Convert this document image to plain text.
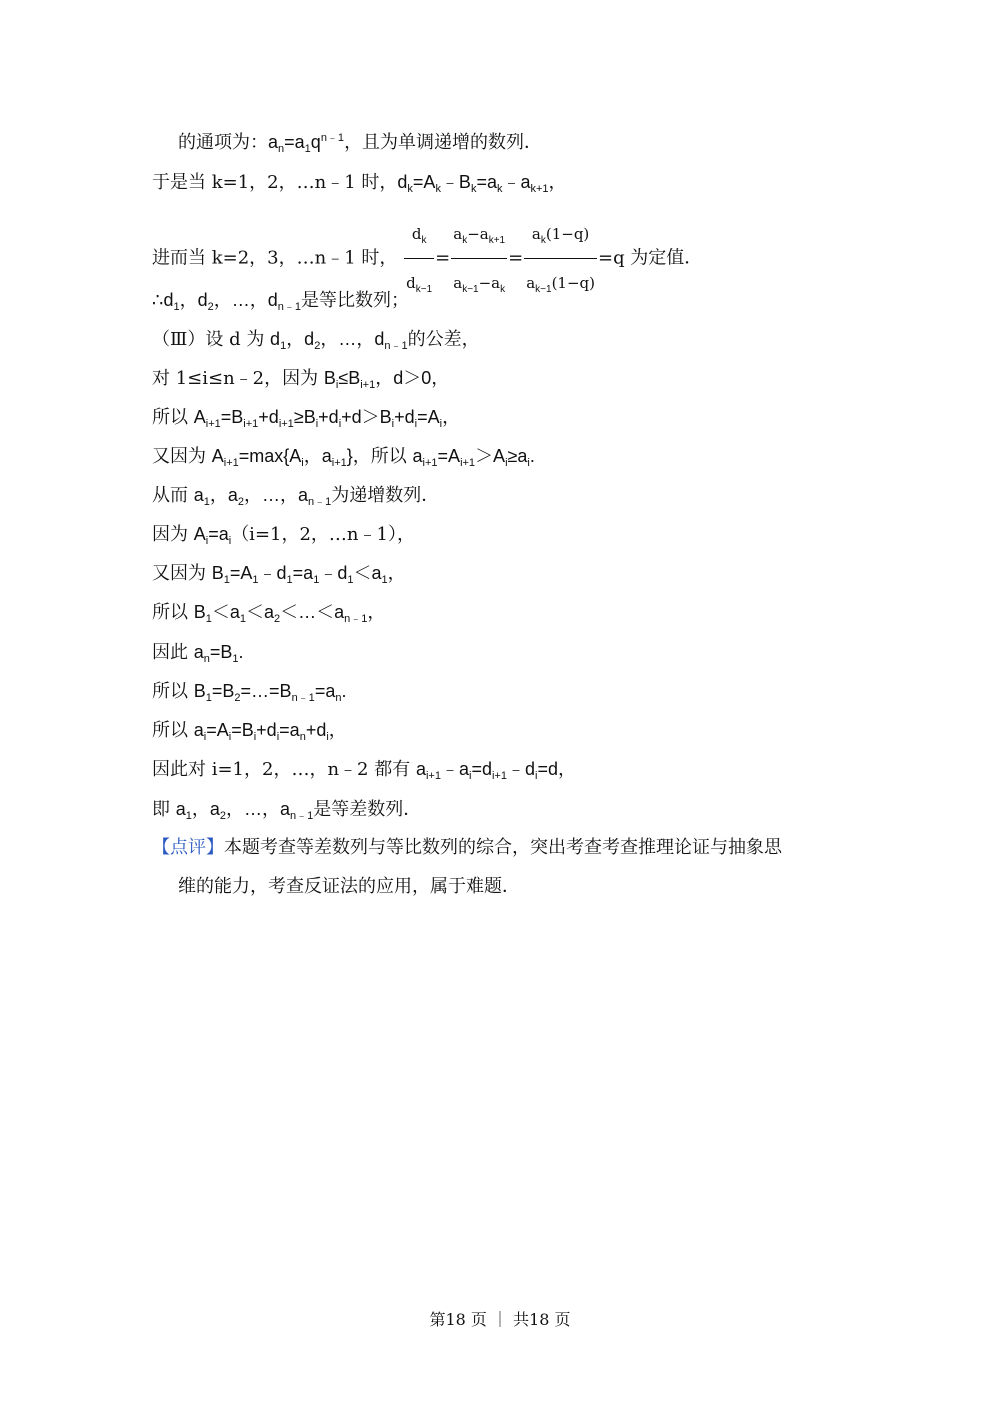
的通项为：$a_n=a_1q^{n﹣1}$，且为单调递增的数列．
于是当 k=1，2，…n﹣1 时，$d_k=A_k﹣B_k=a_k﹣a_{k+1}$，
进而当 k=2，3，…n﹣1 时， $\frac{d_k}{d_{k-1}} = \frac{a_k-a_{k+1}}{a_{k-1}-a_k} = \frac{a_k(1-q)}{a_{k-1}(1-q)} =q$ 为定值．
$\therefore d_1$，$d_2$，…，$d_{n﹣1}$是等比数列；
（Ⅲ）设 d 为 $d_1$，$d_2$，…，$d_{n﹣1}$的公差，
对 1≤i≤n﹣2，因为 $B_i\le B_{i+1}$，d＞0，
所以 $A_{i+1}=B_{i+1}+d_{i+1}\ge B_i+d_i+d>B_i+d_i=A_i$，
又因为 $A_{i+1}=\max\{A_i$，$a_{i+1}$}，所以 $a_{i+1}=A_{i+1}>A_i\ge a_i$.
从而 $a_1$，$a_2$，…，$a_{n﹣1}$为递增数列．
因为 $A_i=a_i(i=1$，2，…n﹣1），
又因为 $B_1=A_1﹣d_1=a_1﹣d_1<a_1$，
所以 $B_1<a_1<a_2<\dots<a_{n﹣1}$，
因此 $a_n=B_1$.
所以 $B_1=B_2=\dots=B_{n﹣1}=a_n$.
所以 $a_i=A_i=B_i+d_i=a_n+d_i$，
因此对 i=1，2，…，n﹣2 都有 $a_{i+1}﹣a_i=d_{i+1}﹣d_i=d$，
即 $a_1$，$a_2$，…，$a_{n﹣1}$是等差数列．
【点评】本题考查等差数列与等比数列的综合，突出考查考查推理论证与抽象思
维的能力，考查反证法的应用，属于难题．
第18 页 ｜ 共18 页
